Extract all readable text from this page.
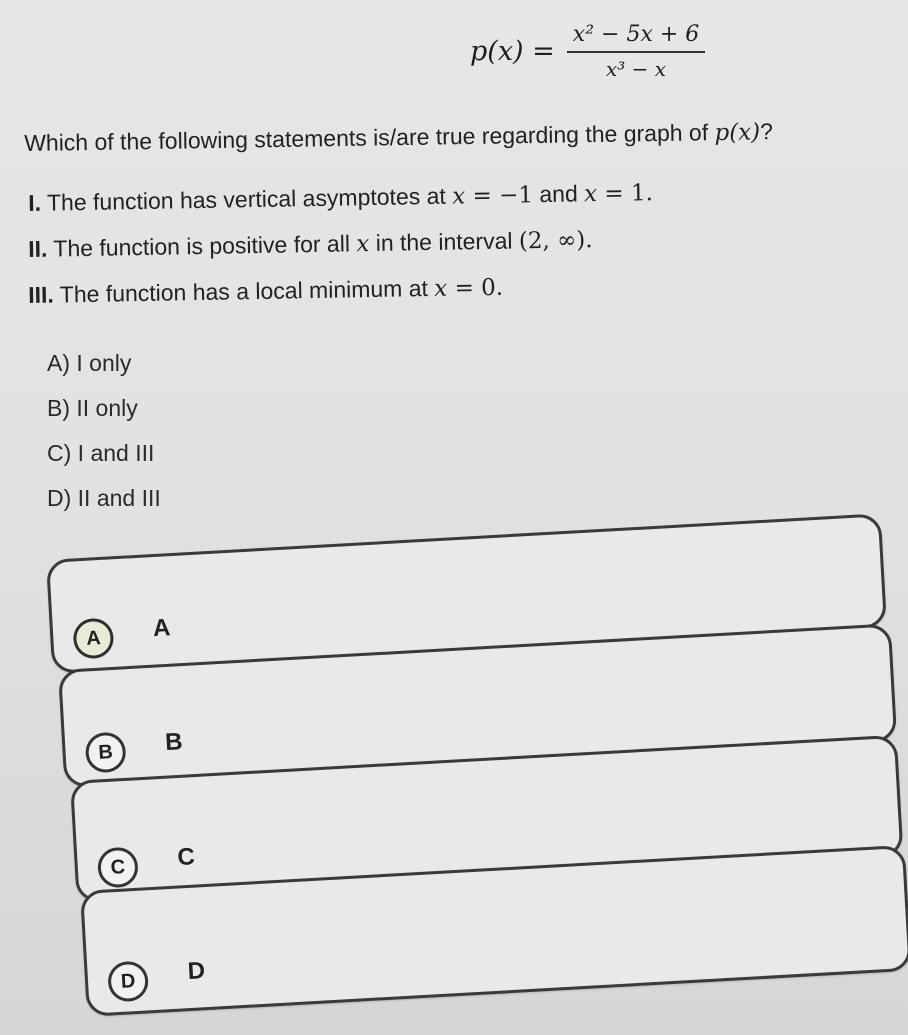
$p(x) = \frac{\text{x² − 5x + 6}}{\text{x³ − x}}$
Which of the following statements is/are true regarding the graph of p(x)?
I. The function has vertical asymptotes at x = −1 and x = 1.
II. The function is positive for all x in the interval (2, ∞).
III. The function has a local minimum at x = 0.
A) I only
B) II only
C) I and III
D) II and III
A	A
B	B
C	C
D	D
